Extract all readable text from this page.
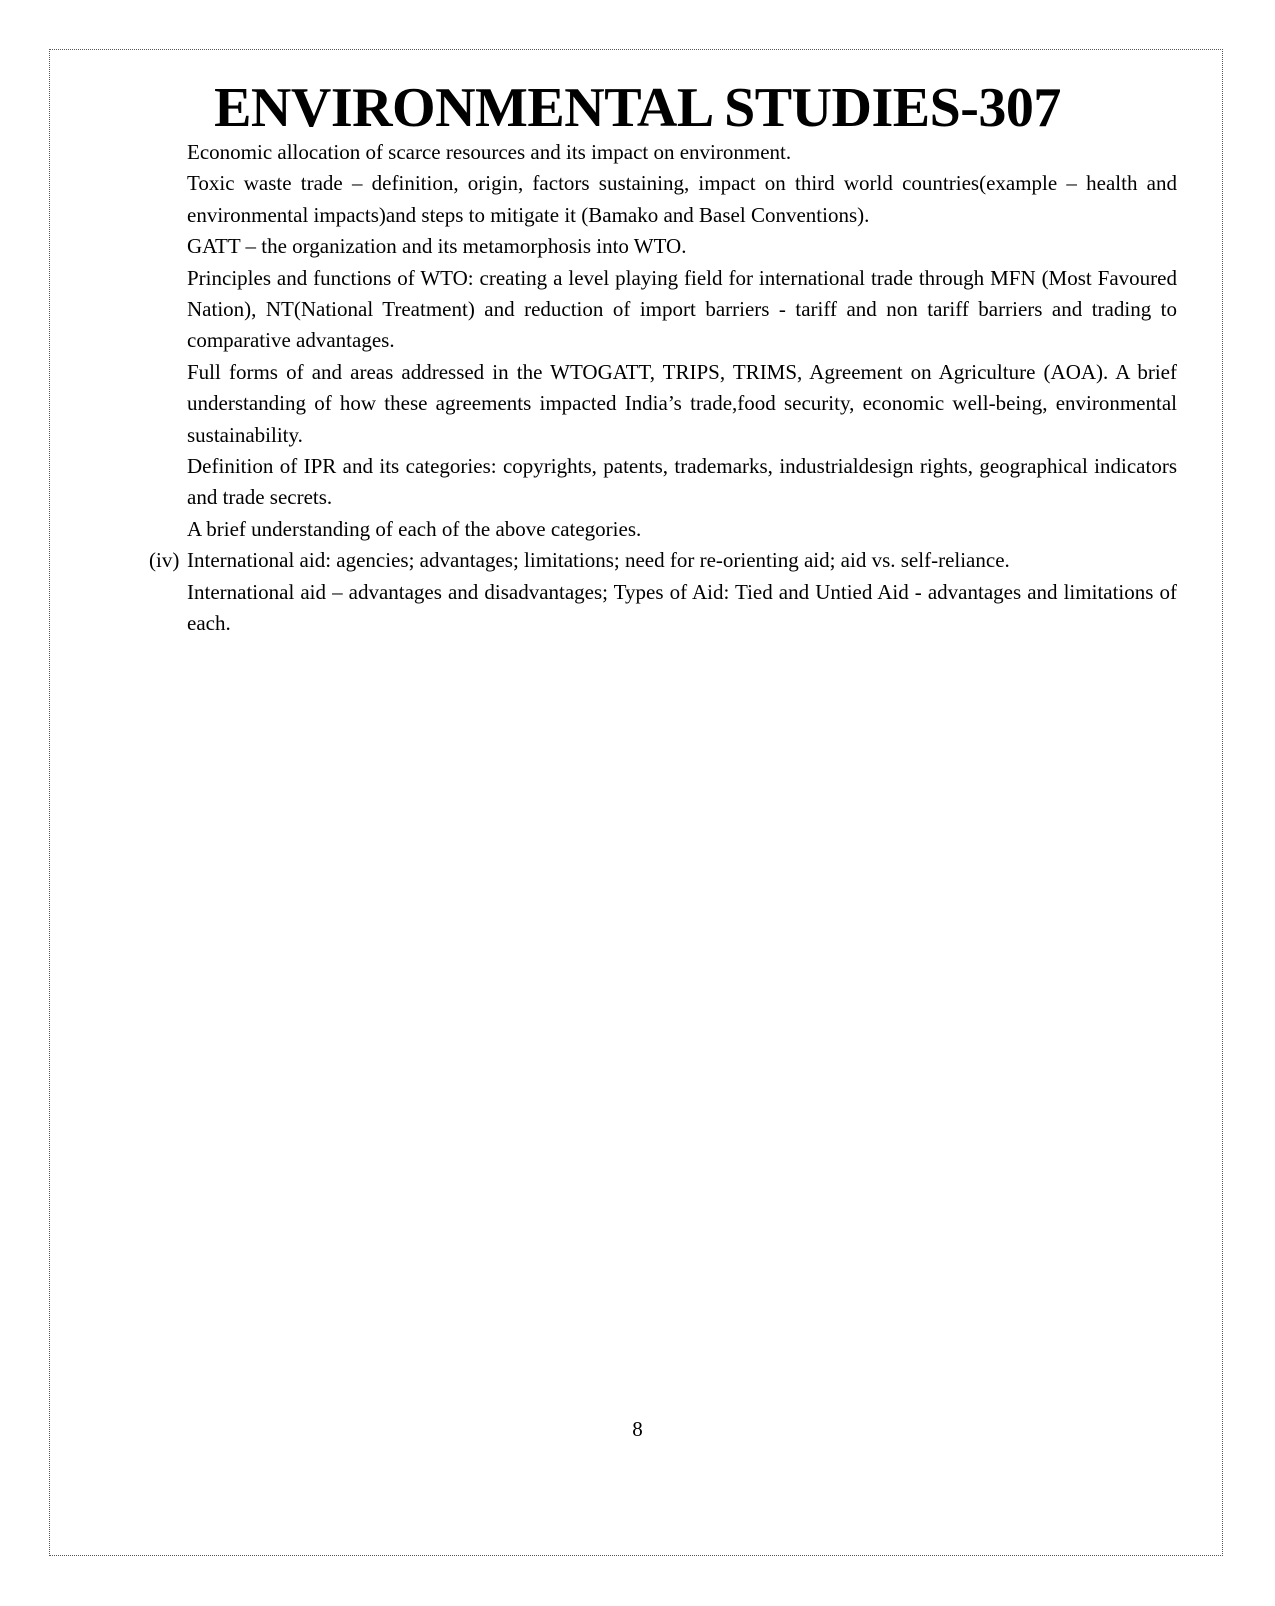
ENVIRONMENTAL STUDIES-307

Economic allocation of scarce resources and its impact on environment.

Toxic waste trade – definition, origin, factors sustaining, impact on third world countries(example – health and environmental impacts)and steps to mitigate it (Bamako and Basel Conventions).

GATT – the organization and its metamorphosis into WTO.

Principles and functions of WTO: creating a level playing field for international trade through MFN (Most Favoured Nation), NT(National Treatment) and reduction of import barriers - tariff and non tariff barriers and trading to comparative advantages.

Full forms of and areas addressed in the WTOGATT, TRIPS, TRIMS, Agreement on Agriculture (AOA). A brief understanding of how these agreements impacted India’s trade,food security, economic well-being, environmental sustainability.

Definition of IPR and its categories: copyrights, patents, trademarks, industrialdesign rights, geographical indicators and trade secrets.

A brief understanding of each of the above categories.

(iv) International aid: agencies; advantages; limitations; need for re-orienting aid; aid vs. self-reliance.

International aid – advantages and disadvantages; Types of Aid: Tied and Untied Aid - advantages and limitations of each.

8
